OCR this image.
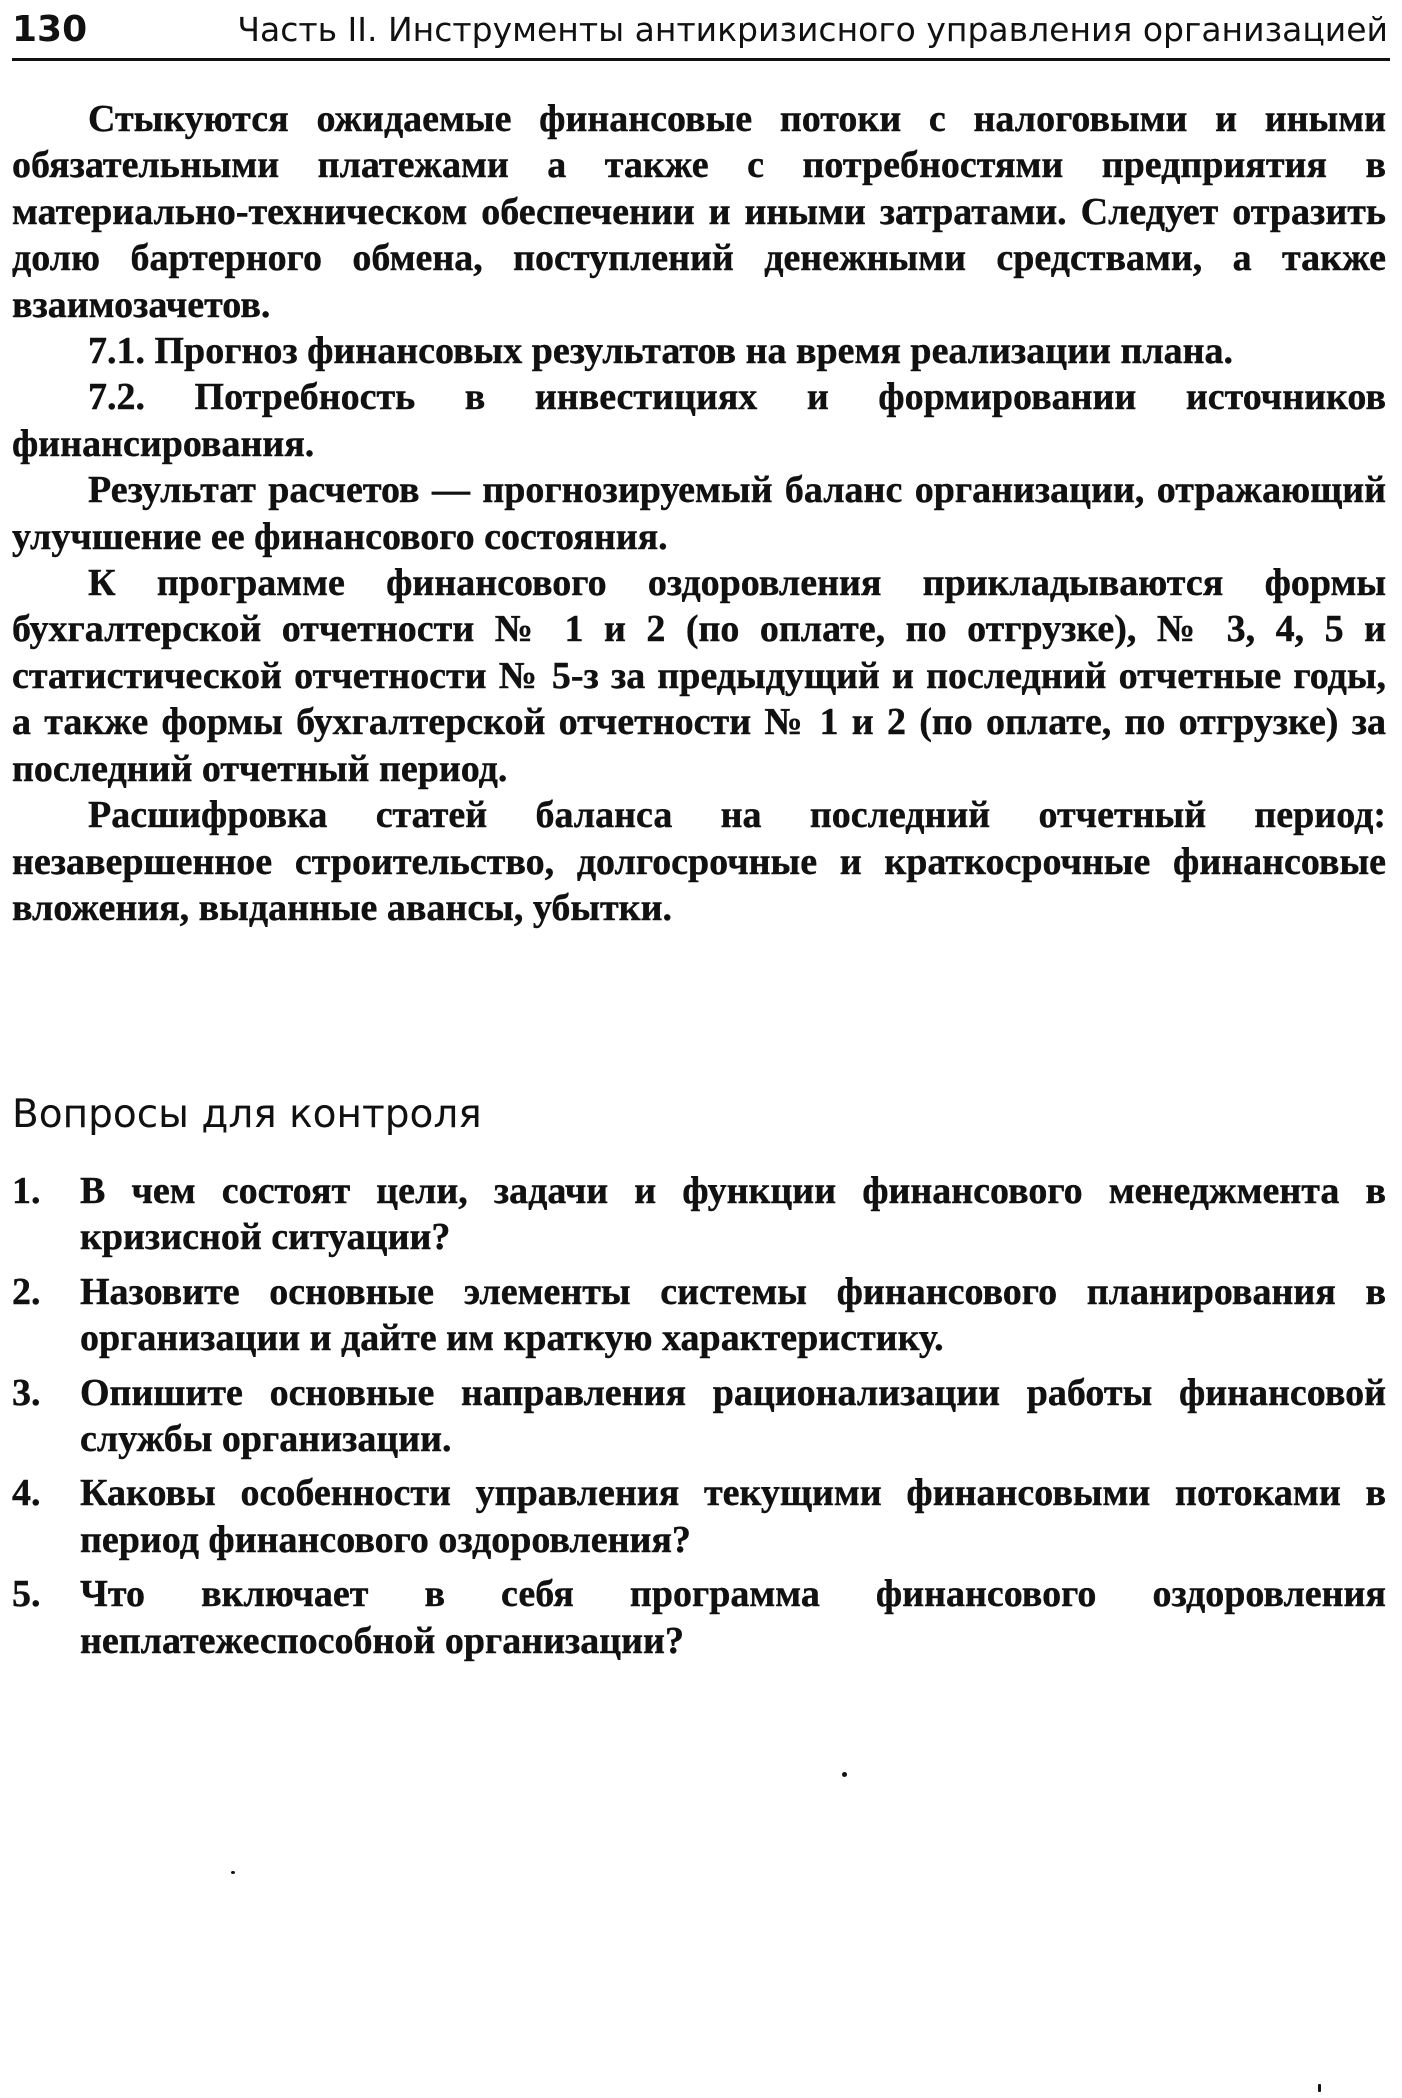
130	Часть II. Инструменты антикризисного управления организацией

Стыкуются ожидаемые финансовые потоки с налоговыми и иными обязательными платежами а также с потребностями предприятия в материально-техническом обеспечении и иными затратами. Следует отразить долю бартерного обмена, поступлений денежными средствами, а также взаимозачетов.

7.1. Прогноз финансовых результатов на время реализации плана.

7.2. Потребность в инвестициях и формировании источников финансирования.

Результат расчетов — прогнозируемый баланс организации, отражающий улучшение ее финансового состояния.

К программе финансового оздоровления прикладываются формы бухгалтерской отчетности № 1 и 2 (по оплате, по отгрузке), № 3, 4, 5 и статистической отчетности № 5-з за предыдущий и последний отчетные годы, а также формы бухгалтерской отчетности № 1 и 2 (по оплате, по отгрузке) за последний отчетный период.

Расшифровка статей баланса на последний отчетный период: незавершенное строительство, долгосрочные и краткосрочные финансовые вложения, выданные авансы, убытки.

Вопросы для контроля
1. В чем состоят цели, задачи и функции финансового менеджмента в кризисной ситуации?
2. Назовите основные элементы системы финансового планирования в организации и дайте им краткую характеристику.
3. Опишите основные направления рационализации работы финансовой службы организации.
4. Каковы особенности управления текущими финансовыми потоками в период финансового оздоровления?
5. Что включает в себя программа финансового оздоровления неплатежеспособной организации?
